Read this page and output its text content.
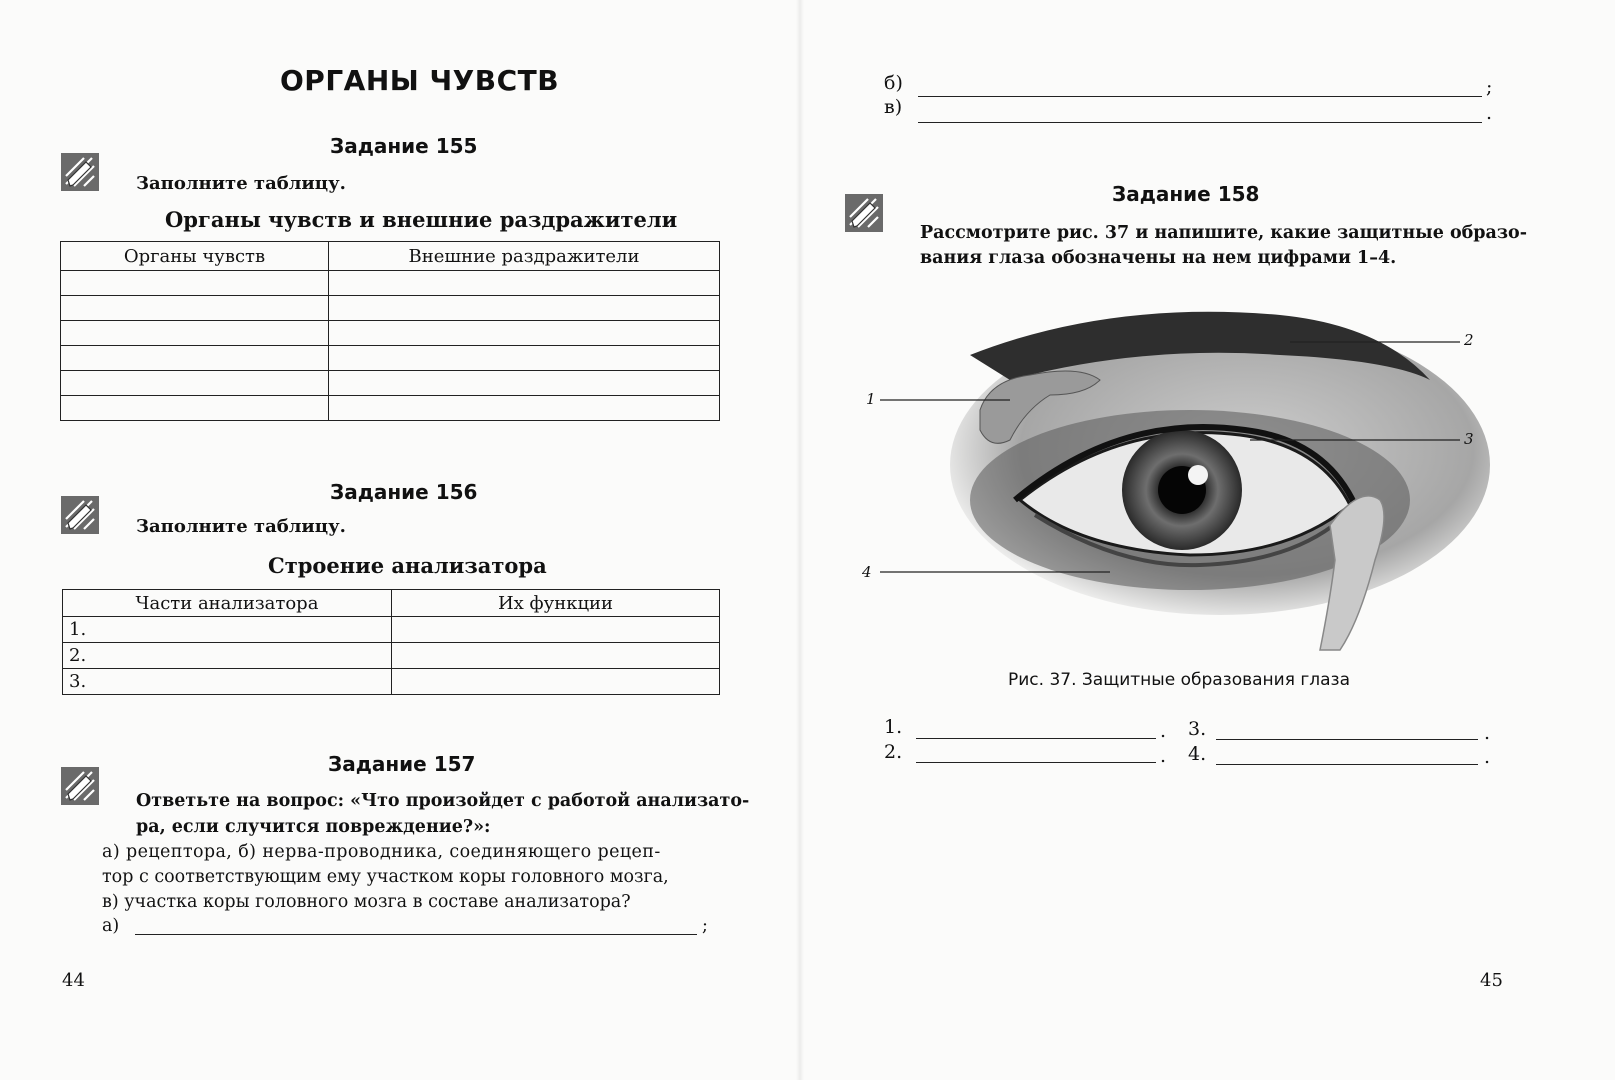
ОРГАНЫ ЧУВСТВ
Задание 155
Заполните таблицу.
Органы чувств и внешние раздражители
Органы чувств	Внешние раздражители

Задание 156
Заполните таблицу.
Строение анализатора
Части анализатора	Их функции
1.	
2.	
3.	
Задание 157
Ответьте на вопрос: «Что произойдет с работой анализато-
ра, если случится повреждение?»:
а) рецептора, б) нерва-проводника, соединяющего рецеп-
тор с соответствующим ему участком коры головного мозга,
в) участка коры головного мозга в составе анализатора?
а)	;
44
б)	;
в)	.
Задание 158
Рассмотрите рис. 37 и напишите, какие защитные образо-
вания глаза обозначены на нем цифрами 1–4.
1
2
3
4
Рис. 37. Защитные образования глаза
1.	.
2.	.
3.	.
4.	.
45
